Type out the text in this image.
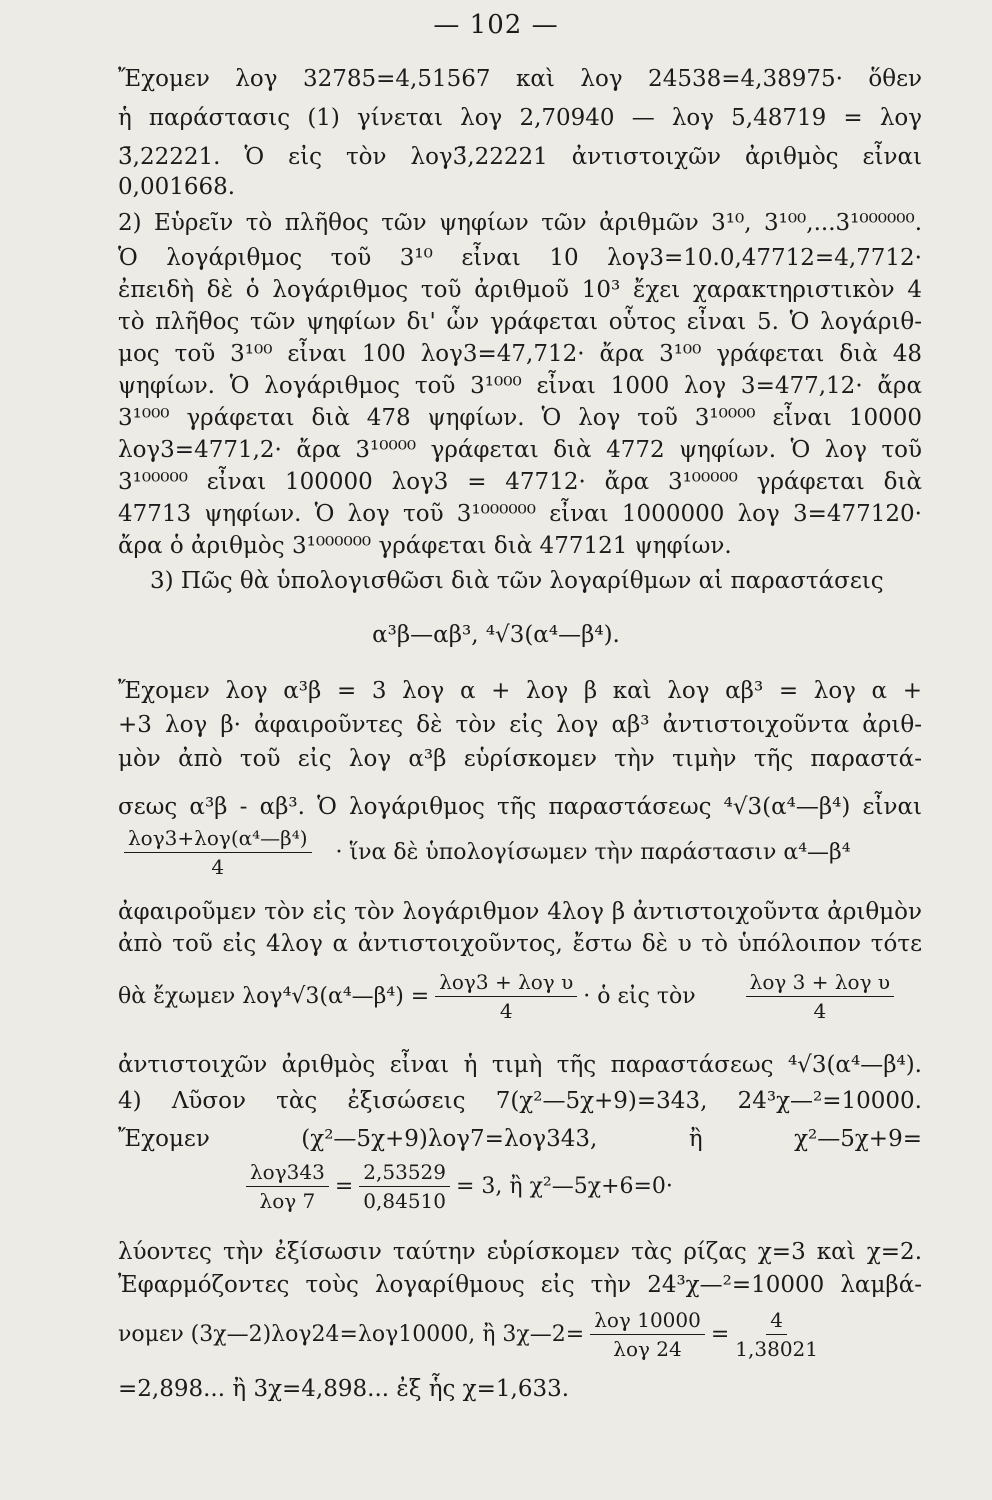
— 102 —
Ἔχομεν λογ 32785=4,51567 καὶ λογ 24538=4,38975· ὅθεν
ἡ παράστασις (1) γίνεται λογ 2,70940 — λογ 5,48719 = λογ
3̄,22221. Ὁ εἰς τὸν λογ3̄,22221 ἀντιστοιχῶν ἀριθμὸς εἶναι
0,001668.
2) Εὑρεῖν τὸ πλῆθος τῶν ψηφίων τῶν ἀριθμῶν 3¹⁰, 3¹⁰⁰,...3¹⁰⁰⁰⁰⁰⁰.
Ὁ λογάριθμος τοῦ 3¹⁰ εἶναι 10 λογ3=10.0,47712=4,7712·
ἐπειδὴ δὲ ὁ λογάριθμος τοῦ ἀριθμοῦ 10³ ἔχει χαρακτηριστικὸν 4
τὸ πλῆθος τῶν ψηφίων δι' ὧν γράφεται οὗτος εἶναι 5. Ὁ λογάριθ-
μος τοῦ 3¹⁰⁰ εἶναι 100 λογ3=47,712· ἄρα 3¹⁰⁰ γράφεται διὰ 48
ψηφίων. Ὁ λογάριθμος τοῦ 3¹⁰⁰⁰ εἶναι 1000 λογ 3=477,12· ἄρα
3¹⁰⁰⁰ γράφεται διὰ 478 ψηφίων. Ὁ λογ τοῦ 3¹⁰⁰⁰⁰ εἶναι 10000
λογ3=4771,2· ἄρα 3¹⁰⁰⁰⁰ γράφεται διὰ 4772 ψηφίων. Ὁ λογ τοῦ
3¹⁰⁰⁰⁰⁰ εἶναι 100000 λογ3 = 47712· ἄρα 3¹⁰⁰⁰⁰⁰ γράφεται διὰ
47713 ψηφίων. Ὁ λογ τοῦ 3¹⁰⁰⁰⁰⁰⁰ εἶναι 1000000 λογ 3=477120·
ἄρα ὁ ἀριθμὸς 3¹⁰⁰⁰⁰⁰⁰ γράφεται διὰ 477121 ψηφίων.
3) Πῶς θὰ ὑπολογισθῶσι διὰ τῶν λογαρίθμων αἱ παραστάσεις
α³β—αβ³, ⁴√3(α⁴—β⁴).
Ἔχομεν λογ α³β = 3 λογ α + λογ β καὶ λογ αβ³ = λογ α +
+3 λογ β· ἀφαιροῦντες δὲ τὸν εἰς λογ αβ³ ἀντιστοιχοῦντα ἀριθ-
μὸν ἀπὸ τοῦ εἰς λογ α³β εὑρίσκομεν τὴν τιμὴν τῆς παραστά-
σεως α³β - αβ³. Ὁ λογάριθμος τῆς παραστάσεως ⁴√3(α⁴—β⁴) εἶναι
$\frac{\text{λογ3+λογ(α⁴—β⁴)}}{4}$ · ἵνα δὲ ὑπολογίσωμεν τὴν παράστασιν α⁴—β⁴
ἀφαιροῦμεν τὸν εἰς τὸν λογάριθμον 4λογ β ἀντιστοιχοῦντα ἀριθμὸν
ἀπὸ τοῦ εἰς 4λογ α ἀντιστοιχοῦντος, ἔστω δὲ υ τὸ ὑπόλοιπον τότε
θὰ ἔχωμεν λογ⁴√3(α⁴—β⁴) = $\frac{\text{λογ3 + λογ υ}}{4}$ · ὁ εἰς τὸν	$\frac{\text{λογ 3 + λογ υ}}{4}$
ἀντιστοιχῶν ἀριθμὸς εἶναι ἡ τιμὴ τῆς παραστάσεως ⁴√3(α⁴—β⁴).
4) Λῦσον τὰς ἐξισώσεις 7(χ²—5χ+9)=343, 24³χ—²=10000.
Ἔχομεν (χ²—5χ+9)λογ7=λογ343, ἢ χ²—5χ+9=
$\frac{\text{λογ343}}{\text{λογ 7}} = \frac{2,53529}{0,84510} = 3$, ἢ χ²—5χ+6=0·
λύοντες τὴν ἐξίσωσιν ταύτην εὑρίσκομεν τὰς ρίζας χ=3 καὶ χ=2.
Ἐφαρμόζοντες τοὺς λογαρίθμους εἰς τὴν 24³χ—²=10000 λαμβά-
νομεν (3χ—2)λογ24=λογ10000, ἢ 3χ—2= $\frac{\text{λογ 10000}}{\text{λογ 24}} = \frac{4}{1,38021}$
=2,898... ἢ 3χ=4,898... ἐξ ἧς χ=1,633.
